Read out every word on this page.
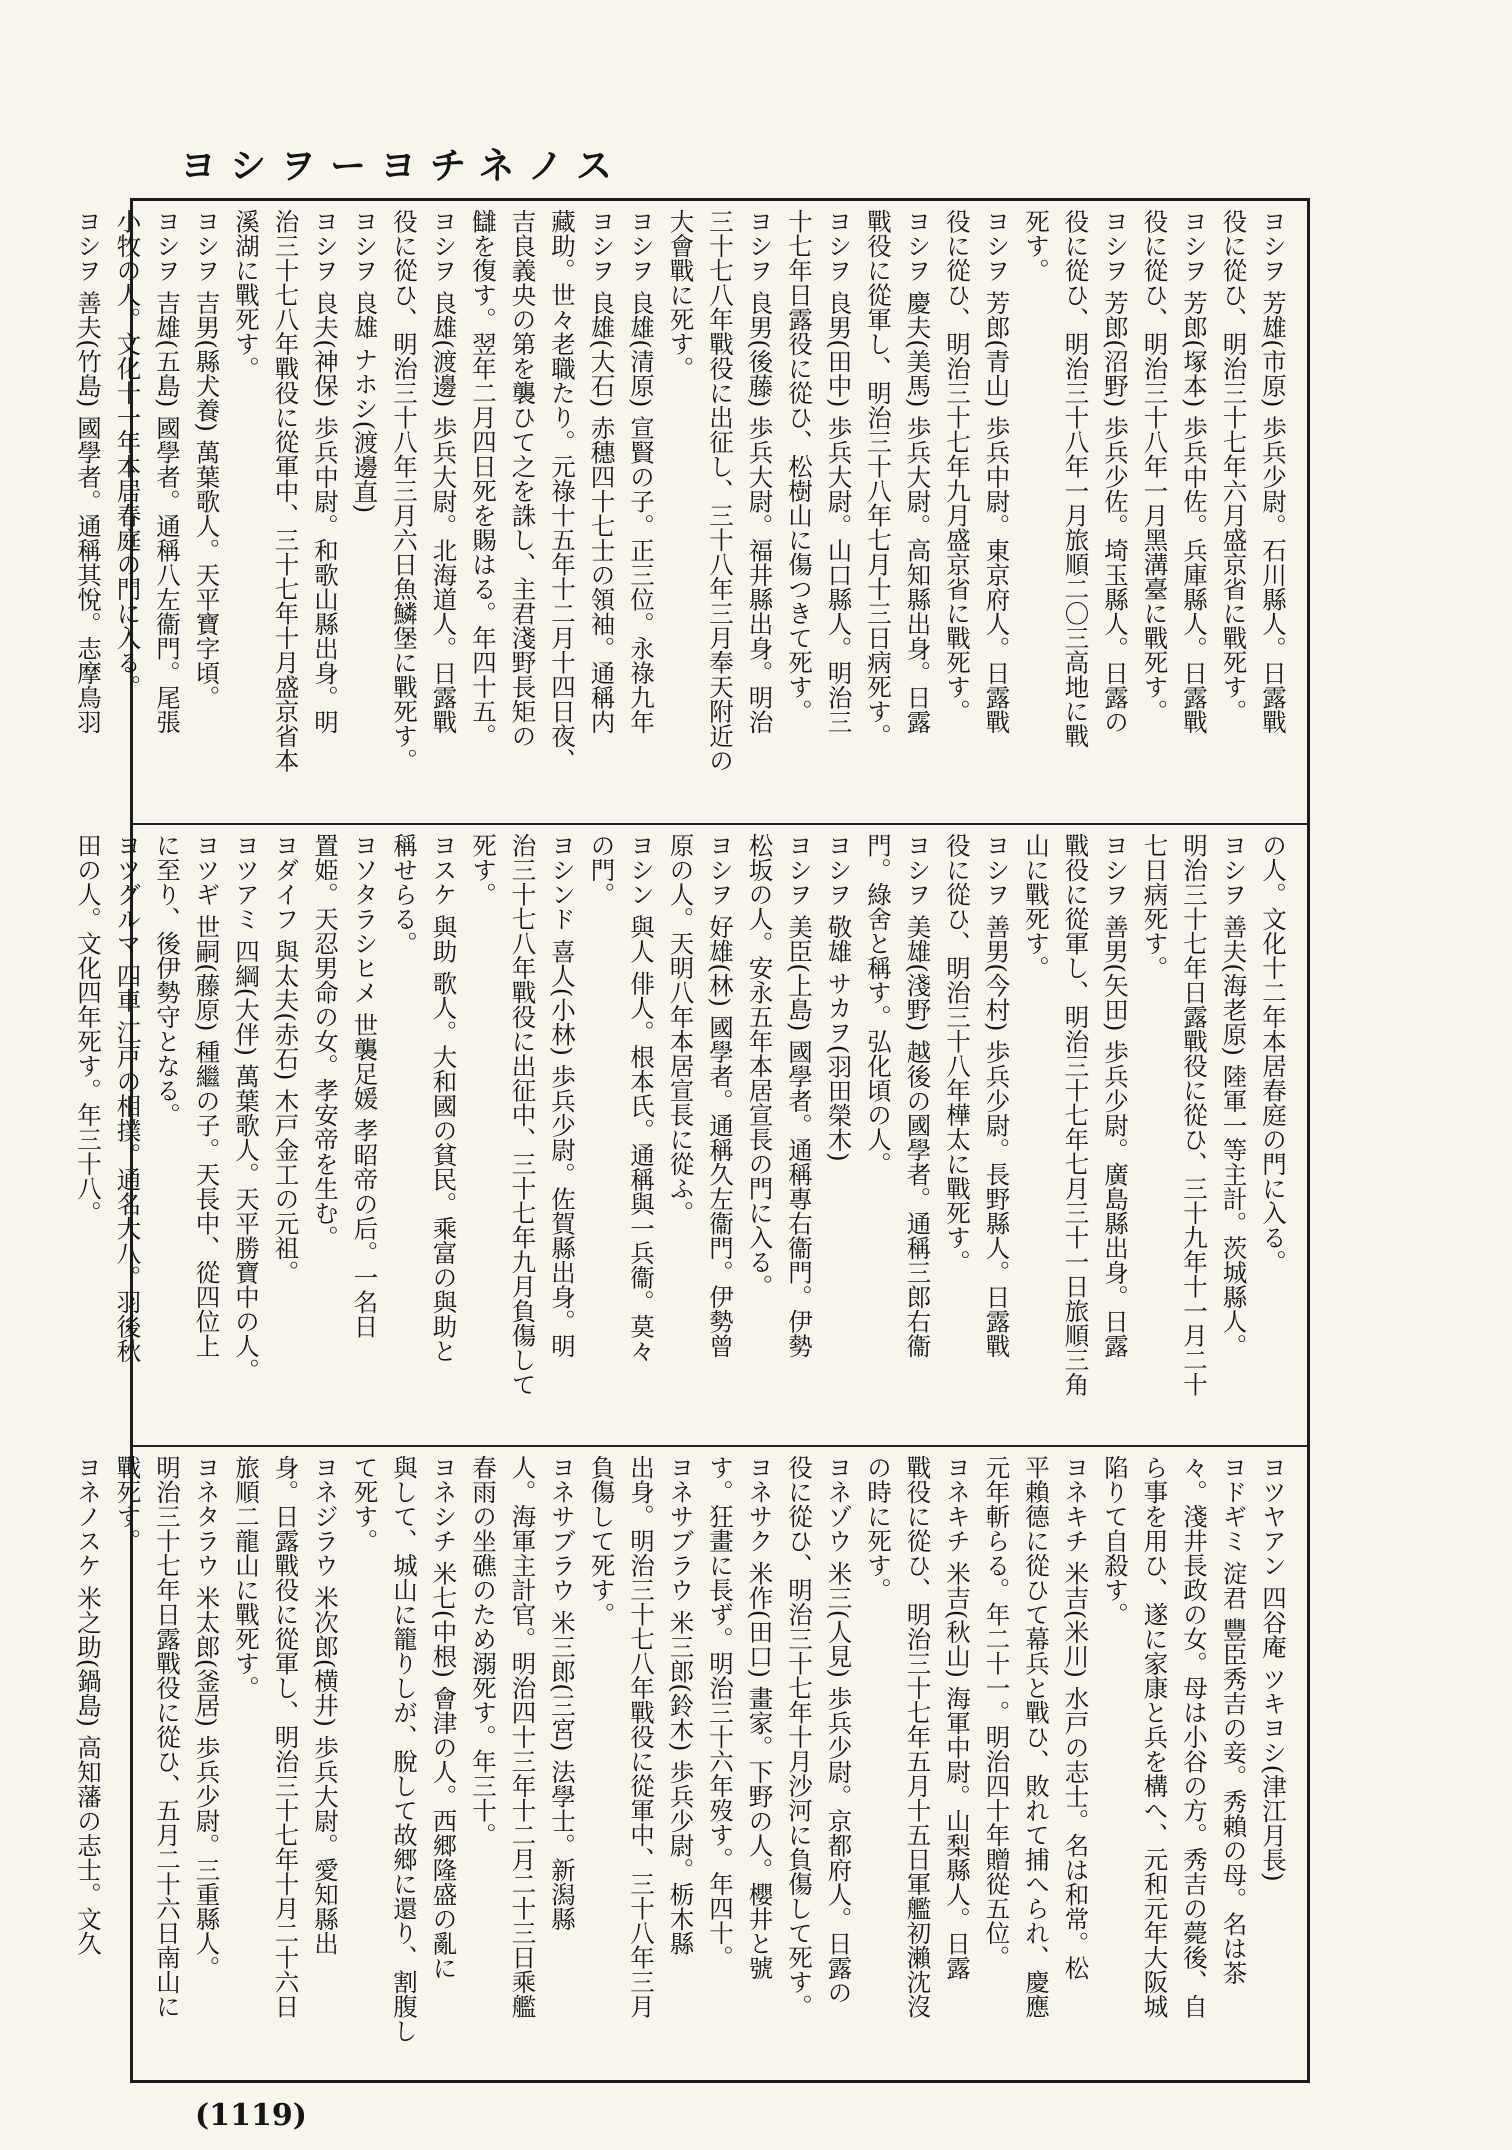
ヨシヲーヨチネノス
ヨシヲ 芳雄(市原) 歩兵少尉。石川縣人。日露戰
役に從ひ、明治三十七年六月盛京省に戰死す。
ヨシヲ 芳郎(塚本) 歩兵中佐。兵庫縣人。日露戰
役に從ひ、明治三十八年一月黑溝臺に戰死す。
ヨシヲ 芳郎(沼野) 歩兵少佐。埼玉縣人。日露の
役に從ひ、明治三十八年一月旅順二〇三高地に戰
死す。
ヨシヲ 芳郎(青山) 歩兵中尉。東京府人。日露戰
役に從ひ、明治三十七年九月盛京省に戰死す。
ヨシヲ 慶夫(美馬) 歩兵大尉。高知縣出身。日露
戰役に從軍し、明治三十八年七月十三日病死す。
ヨシヲ 良男(田中) 歩兵大尉。山口縣人。明治三
十七年日露役に從ひ、松樹山に傷つきて死す。
ヨシヲ 良男(後藤) 歩兵大尉。福井縣出身。明治
三十七八年戰役に出征し、三十八年三月奉天附近の
大會戰に死す。
ヨシヲ 良雄(清原) 宣賢の子。正三位。永祿九年
ヨシヲ 良雄(大石) 赤穗四十七士の領袖。通稱内
藏助。世々老職たり。元祿十五年十二月十四日夜、
吉良義央の第を襲ひて之を誅し、主君淺野長矩の
讎を復す。翌年二月四日死を賜はる。年四十五。
ヨシヲ 良雄(渡邊) 歩兵大尉。北海道人。日露戰
役に從ひ、明治三十八年三月六日魚鱗堡に戰死す。
ヨシヲ 良雄 ナホシ(渡邊直)
ヨシヲ 良夫(神保) 歩兵中尉。和歌山縣出身。明
治三十七八年戰役に從軍中、三十七年十月盛京省本
溪湖に戰死す。
ヨシヲ 吉男(縣犬養) 萬葉歌人。天平寶字頃。
ヨシヲ 吉雄(五島) 國學者。通稱八左衞門。尾張
小牧の人。文化十一年本居春庭の門に入る。
ヨシヲ 善夫(竹島) 國學者。通稱其悅。志摩鳥羽
の人。文化十二年本居春庭の門に入る。
ヨシヲ 善夫(海老原) 陸軍一等主計。茨城縣人。
明治三十七年日露戰役に從ひ、三十九年十一月二十
七日病死す。
ヨシヲ 善男(矢田) 歩兵少尉。廣島縣出身。日露
戰役に從軍し、明治三十七年七月三十一日旅順三角
山に戰死す。
ヨシヲ 善男(今村) 歩兵少尉。長野縣人。日露戰
役に從ひ、明治三十八年樺太に戰死す。
ヨシヲ 美雄(淺野) 越後の國學者。通稱三郎右衞
門。綠舍と稱す。弘化頃の人。
ヨシヲ 敬雄 サカヲ(羽田榮木)
ヨシヲ 美臣(上島) 國學者。通稱專右衞門。伊勢
松坂の人。安永五年本居宣長の門に入る。
ヨシヲ 好雄(林) 國學者。通稱久左衞門。伊勢曾
原の人。天明八年本居宣長に從ふ。
ヨシン 與人 俳人。根本氏。通稱與一兵衞。莫々
の門。
ヨシンド 喜人(小林) 歩兵少尉。佐賀縣出身。明
治三十七八年戰役に出征中、三十七年九月負傷して
死す。
ヨスケ 與助 歌人。大和國の貧民。乘富の與助と
稱せらる。
ヨソタラシヒメ 世襲足媛 孝昭帝の后。一名日
置姫。天忍男命の女。孝安帝を生む。
ヨダイフ 與太夫(赤石) 木戸金工の元祖。
ヨツアミ 四綱(大伴) 萬葉歌人。天平勝寶中の人。
ヨツギ 世嗣(藤原) 種繼の子。天長中、從四位上
に至り、後伊勢守となる。
ヨツグルマ 四車 江戸の相撲。通名大八。羽後秋
田の人。文化四年死す。年三十八。
ヨツヤアン 四谷庵 ツキヨシ(津江月長)
ヨドギミ 淀君 豐臣秀吉の妾。秀賴の母。名は茶
々。淺井長政の女。母は小谷の方。秀吉の薨後、自
ら事を用ひ、遂に家康と兵を構へ、元和元年大阪城
陷りて自殺す。
ヨネキチ 米吉(米川) 水戸の志士。名は和常。松
平賴德に從ひて幕兵と戰ひ、敗れて捕へられ、慶應
元年斬らる。年二十一。明治四十年贈從五位。
ヨネキチ 米吉(秋山) 海軍中尉。山梨縣人。日露
戰役に從ひ、明治三十七年五月十五日軍艦初瀨沈沒
の時に死す。
ヨネゾウ 米三(人見) 歩兵少尉。京都府人。日露の
役に從ひ、明治三十七年十月沙河に負傷して死す。
ヨネサク 米作(田口) 畫家。下野の人。櫻井と號
す。狂畫に長ず。明治三十六年歿す。年四十。
ヨネサブラウ 米三郎(鈴木) 歩兵少尉。栃木縣
出身。明治三十七八年戰役に從軍中、三十八年三月
負傷して死す。
ヨネサブラウ 米三郎(三宮) 法學士。新潟縣
人。海軍主計官。明治四十三年十二月二十三日乘艦
春雨の坐礁のため溺死す。年三十。
ヨネシチ 米七(中根) 會津の人。西郷隆盛の亂に
與して、城山に籠りしが、脫して故郷に還り、割腹し
て死す。
ヨネジラウ 米次郎(横井) 歩兵大尉。愛知縣出
身。日露戰役に從軍し、明治三十七年十月二十六日
旅順二龍山に戰死す。
ヨネタラウ 米太郎(釜居) 歩兵少尉。三重縣人。
明治三十七年日露戰役に從ひ、五月二十六日南山に
戰死す。
ヨネノスケ 米之助(鍋島) 高知藩の志士。文久
(1119)
